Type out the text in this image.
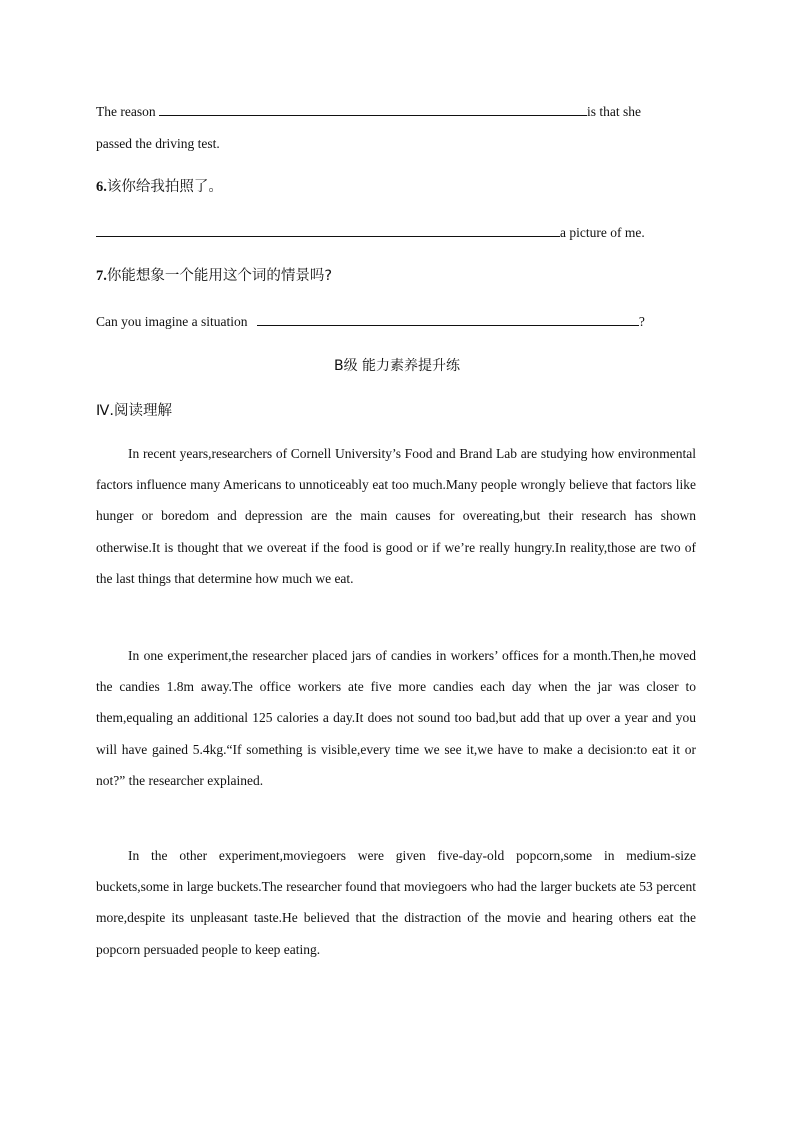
The reason	is that she
passed the driving test.
6.该你给我拍照了。
a picture of me.
7.你能想象一个能用这个词的情景吗?
Can you imagine a situation	?
B级 能力素养提升练
Ⅳ.阅读理解
In recent years,researchers of Cornell University’s Food and Brand Lab are studying how environmental factors influence many Americans to unnoticeably eat too much.Many people wrongly believe that factors like hunger or boredom and depression are the main causes for overeating,but their research has shown otherwise.It is thought that we overeat if the food is good or if we’re really hungry.In reality,those are two of the last things that determine how much we eat.
In one experiment,the researcher placed jars of candies in workers’ offices for a month.Then,he moved the candies 1.8m away.The office workers ate five more candies each day when the jar was closer to them,equaling an additional 125 calories a day.It does not sound too bad,but add that up over a year and you will have gained 5.4kg.“If something is visible,every time we see it,we have to make a decision:to eat it or not?” the researcher explained.
In the other experiment,moviegoers were given five-day-old popcorn,some in medium-size buckets,some in large buckets.The researcher found that moviegoers who had the larger buckets ate 53 percent more,despite its unpleasant taste.He believed that the distraction of the movie and hearing others eat the popcorn persuaded people to keep eating.
